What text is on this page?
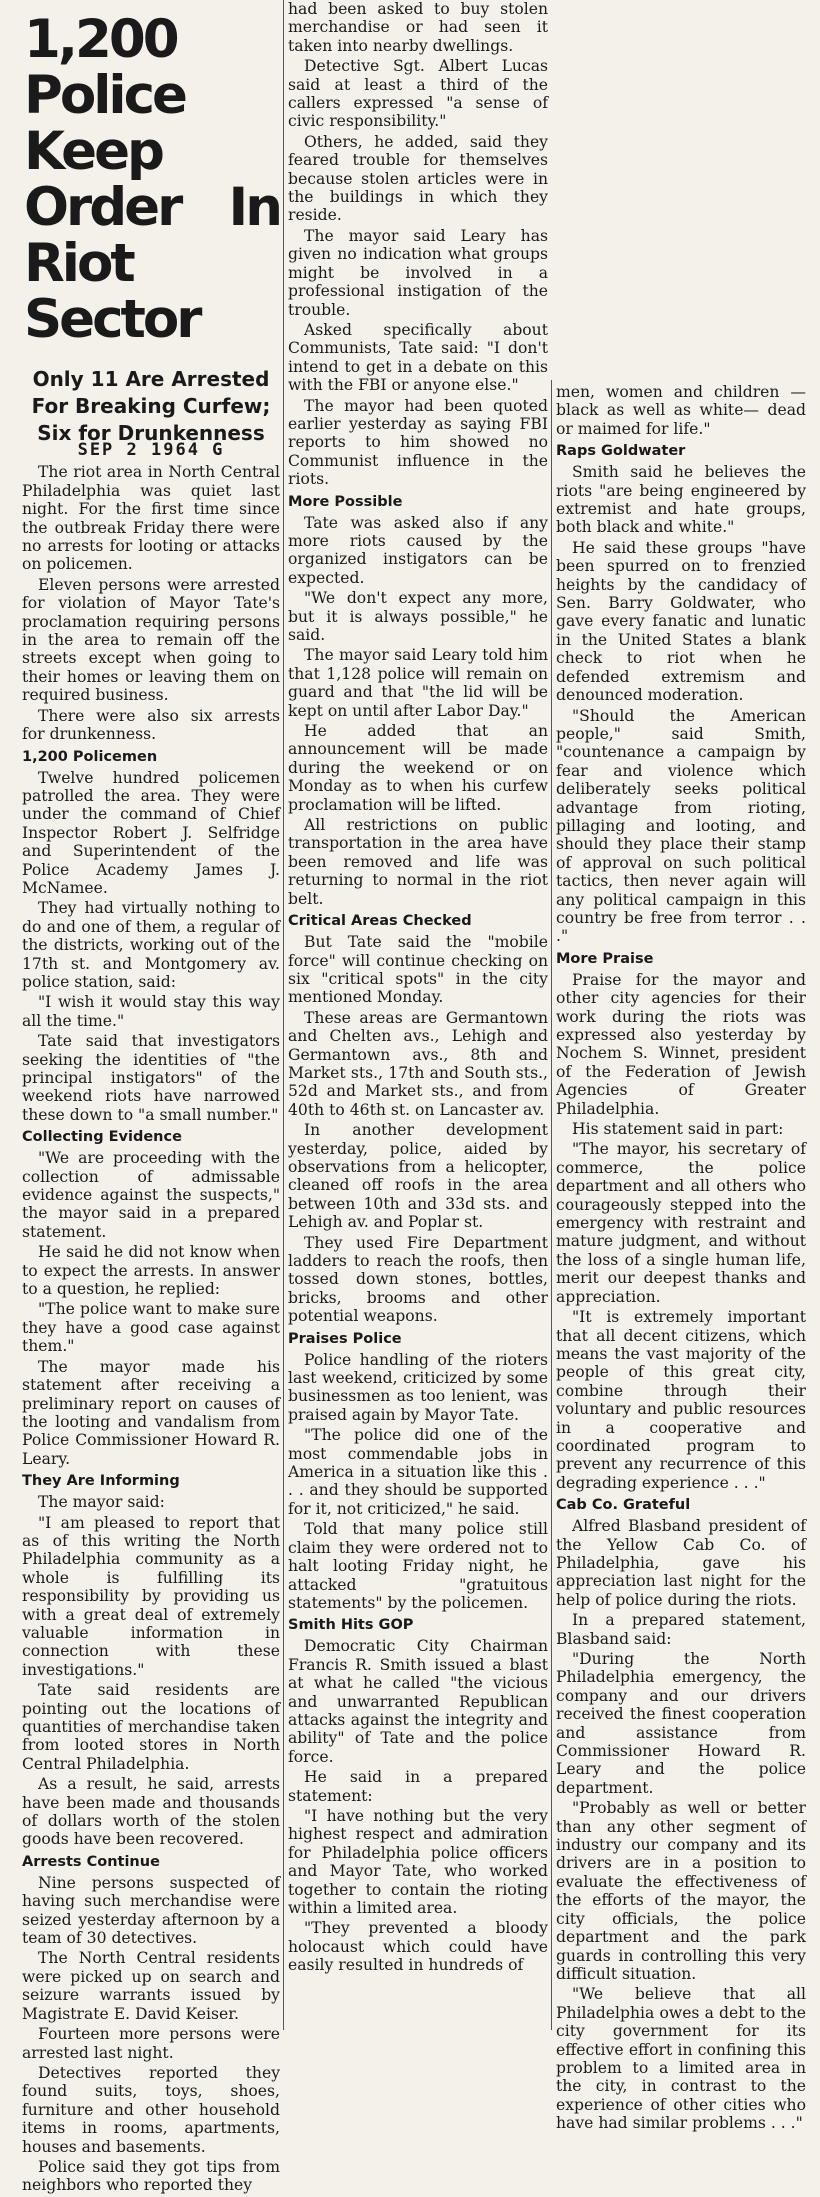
1,200 Police Keep Order In Riot Sector
Only 11 Are Arrested For Breaking Curfew; Six for Drunkenness
SEP 2 1964 G

The riot area in North Central Philadelphia was quiet last night. For the first time since the outbreak Friday there were no arrests for looting or attacks on policemen.

Eleven persons were arrested for violation of Mayor Tate's proclamation requiring persons in the area to remain off the streets except when going to their homes or leaving them on required business.

There were also six arrests for drunkenness.

1,200 Policemen

Twelve hundred policemen patrolled the area. They were under the command of Chief Inspector Robert J. Selfridge and Superintendent of the Police Academy James J. McNamee.

They had virtually nothing to do and one of them, a regular of the districts, working out of the 17th st. and Montgomery av. police station, said:

"I wish it would stay this way all the time."

Tate said that investigators seeking the identities of "the principal instigators" of the weekend riots have narrowed these down to "a small number."

Collecting Evidence

"We are proceeding with the collection of admissable evidence against the suspects," the mayor said in a prepared statement.

He said he did not know when to expect the arrests. In answer to a question, he replied:

"The police want to make sure they have a good case against them."

The mayor made his statement after receiving a preliminary report on causes of the looting and vandalism from Police Commissioner Howard R. Leary.

They Are Informing

The mayor said:

"I am pleased to report that as of this writing the North Philadelphia community as a whole is fulfilling its responsibility by providing us with a great deal of extremely valuable information in connection with these investigations."

Tate said residents are pointing out the locations of quantities of merchandise taken from looted stores in North Central Philadelphia.

As a result, he said, arrests have been made and thousands of dollars worth of the stolen goods have been recovered.

Arrests Continue

Nine persons suspected of having such merchandise were seized yesterday afternoon by a team of 30 detectives.

The North Central residents were picked up on search and seizure warrants issued by Magistrate E. David Keiser.

Fourteen more persons were arrested last night.

Detectives reported they found suits, toys, shoes, furniture and other household items in rooms, apartments, houses and basements.

Police said they got tips from neighbors who reported they

had been asked to buy stolen merchandise or had seen it taken into nearby dwellings.

Detective Sgt. Albert Lucas said at least a third of the callers expressed "a sense of civic responsibility."

Others, he added, said they feared trouble for themselves because stolen articles were in the buildings in which they reside.

The mayor said Leary has given no indication what groups might be involved in a professional instigation of the trouble.

Asked specifically about Communists, Tate said: "I don't intend to get in a debate on this with the FBI or anyone else."

The mayor had been quoted earlier yesterday as saying FBI reports to him showed no Communist influence in the riots.

More Possible

Tate was asked also if any more riots caused by the organized instigators can be expected.

"We don't expect any more, but it is always possible," he said.

The mayor said Leary told him that 1,128 police will remain on guard and that "the lid will be kept on until after Labor Day."

He added that an announcement will be made during the weekend or on Monday as to when his curfew proclamation will be lifted.

All restrictions on public transportation in the area have been removed and life was returning to normal in the riot belt.

Critical Areas Checked

But Tate said the "mobile force" will continue checking on six "critical spots" in the city mentioned Monday.

These areas are Germantown and Chelten avs., Lehigh and Germantown avs., 8th and Market sts., 17th and South sts., 52d and Market sts., and from 40th to 46th st. on Lancaster av.

In another development yesterday, police, aided by observations from a helicopter, cleaned off roofs in the area between 10th and 33d sts. and Lehigh av. and Poplar st.

They used Fire Department ladders to reach the roofs, then tossed down stones, bottles, bricks, brooms and other potential weapons.

Praises Police

Police handling of the rioters last weekend, criticized by some businessmen as too lenient, was praised again by Mayor Tate.

"The police did one of the most commendable jobs in America in a situation like this . . . and they should be supported for it, not criticized," he said.

Told that many police still claim they were ordered not to halt looting Friday night, he attacked "gratuitous statements" by the policemen.

Smith Hits GOP

Democratic City Chairman Francis R. Smith issued a blast at what he called "the vicious and unwarranted Republican attacks against the integrity and ability" of Tate and the police force.

He said in a prepared statement:

"I have nothing but the very highest respect and admiration for Philadelphia police officers and Mayor Tate, who worked together to contain the rioting within a limited area.

"They prevented a bloody holocaust which could have easily resulted in hundreds of

men, women and children — black as well as white— dead or maimed for life."

Raps Goldwater

Smith said he believes the riots "are being engineered by extremist and hate groups, both black and white."

He said these groups "have been spurred on to frenzied heights by the candidacy of Sen. Barry Goldwater, who gave every fanatic and lunatic in the United States a blank check to riot when he defended extremism and denounced moderation.

"Should the American people," said Smith, "countenance a campaign by fear and violence which deliberately seeks political advantage from rioting, pillaging and looting, and should they place their stamp of approval on such political tactics, then never again will any political campaign in this country be free from terror . . ."

More Praise

Praise for the mayor and other city agencies for their work during the riots was expressed also yesterday by Nochem S. Winnet, president of the Federation of Jewish Agencies of Greater Philadelphia.

His statement said in part:

"The mayor, his secretary of commerce, the police department and all others who courageously stepped into the emergency with restraint and mature judgment, and without the loss of a single human life, merit our deepest thanks and appreciation.

"It is extremely important that all decent citizens, which means the vast majority of the people of this great city, combine through their voluntary and public resources in a cooperative and coordinated program to prevent any recurrence of this degrading experience . . ."

Cab Co. Grateful

Alfred Blasband president of the Yellow Cab Co. of Philadelphia, gave his appreciation last night for the help of police during the riots.

In a prepared statement, Blasband said:

"During the North Philadelphia emergency, the company and our drivers received the finest cooperation and assistance from Commissioner Howard R. Leary and the police department.

"Probably as well or better than any other segment of industry our company and its drivers are in a position to evaluate the effectiveness of the efforts of the mayor, the city officials, the police department and the park guards in controlling this very difficult situation.

"We believe that all Philadelphia owes a debt to the city government for its effective effort in confining this problem to a limited area in the city, in contrast to the experience of other cities who have had similar problems . . ."
